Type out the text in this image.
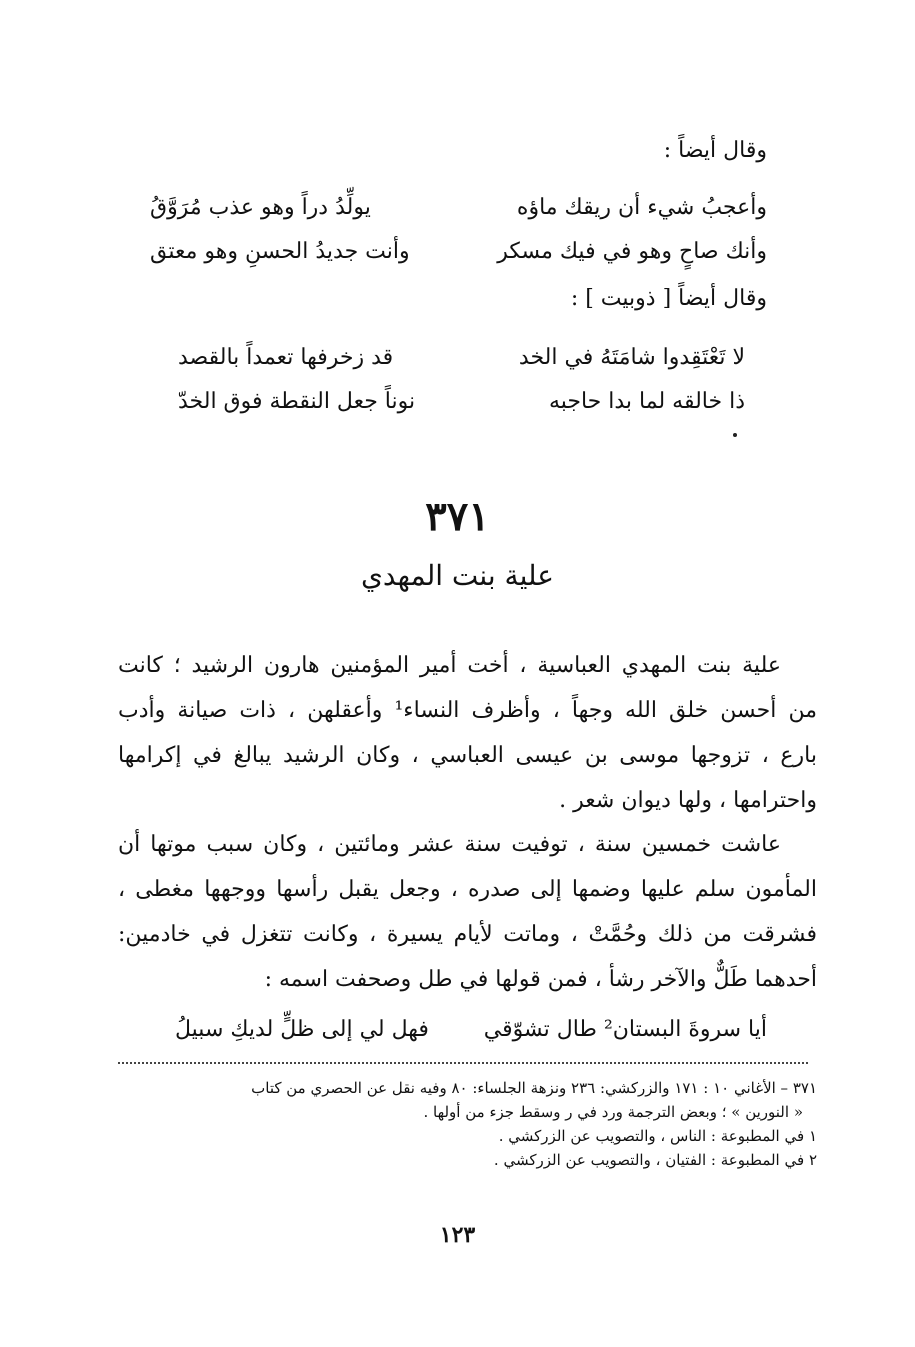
وقال أيضاً :
وأعجبُ شيء أن ريقك ماؤه
يولِّدُ دراً وهو عذب مُرَوَّقُ
وأنك صاحٍ وهو في فيك مسكر
وأنت جديدُ الحسنِ وهو معتق
وقال أيضاً [ ذوبيت ] :
لا تَعْتَقِدوا شامَتَهُ في الخد
قد زخرفها تعمداً بالقصد
ذا خالقه لما بدا حاجبه
نوناً جعل النقطة فوق الخدّ
٣٧١
علية بنت المهدي
علية بنت المهدي العباسية ، أخت أمير المؤمنين هارون الرشيد ؛ كانت
من أحسن خلق الله وجهاً ، وأظرف النساء¹ وأعقلهن ، ذات صيانة وأدب
بارع ، تزوجها موسى بن عيسى العباسي ، وكان الرشيد يبالغ في إكرامها
واحترامها ، ولها ديوان شعر .
عاشت خمسين سنة ، توفيت سنة عشر ومائتين ، وكان سبب موتها أن
المأمون سلم عليها وضمها إلى صدره ، وجعل يقبل رأسها ووجهها مغطى ،
فشرقت من ذلك وحُمَّتْ ، وماتت لأيام يسيرة ، وكانت تتغزل في خادمين:
أحدهما طَلٌّ والآخر رشأ ، فمن قولها في طل وصحفت اسمه :
أيا سروةَ البستان² طال تشوّقي
فهل لي إلى ظلٍّ لديكِ سبيلُ
٣٧١ – الأغاني ١٠ : ١٧١ والزركشي: ٢٣٦ ونزهة الجلساء: ٨٠ وفيه نقل عن الحصري من كتاب
« النورين » ؛ وبعض الترجمة ورد في ر وسقط جزء من أولها .
١ في المطبوعة : الناس ، والتصويب عن الزركشي .
٢ في المطبوعة : الفتيان ، والتصويب عن الزركشي .
١٢٣
